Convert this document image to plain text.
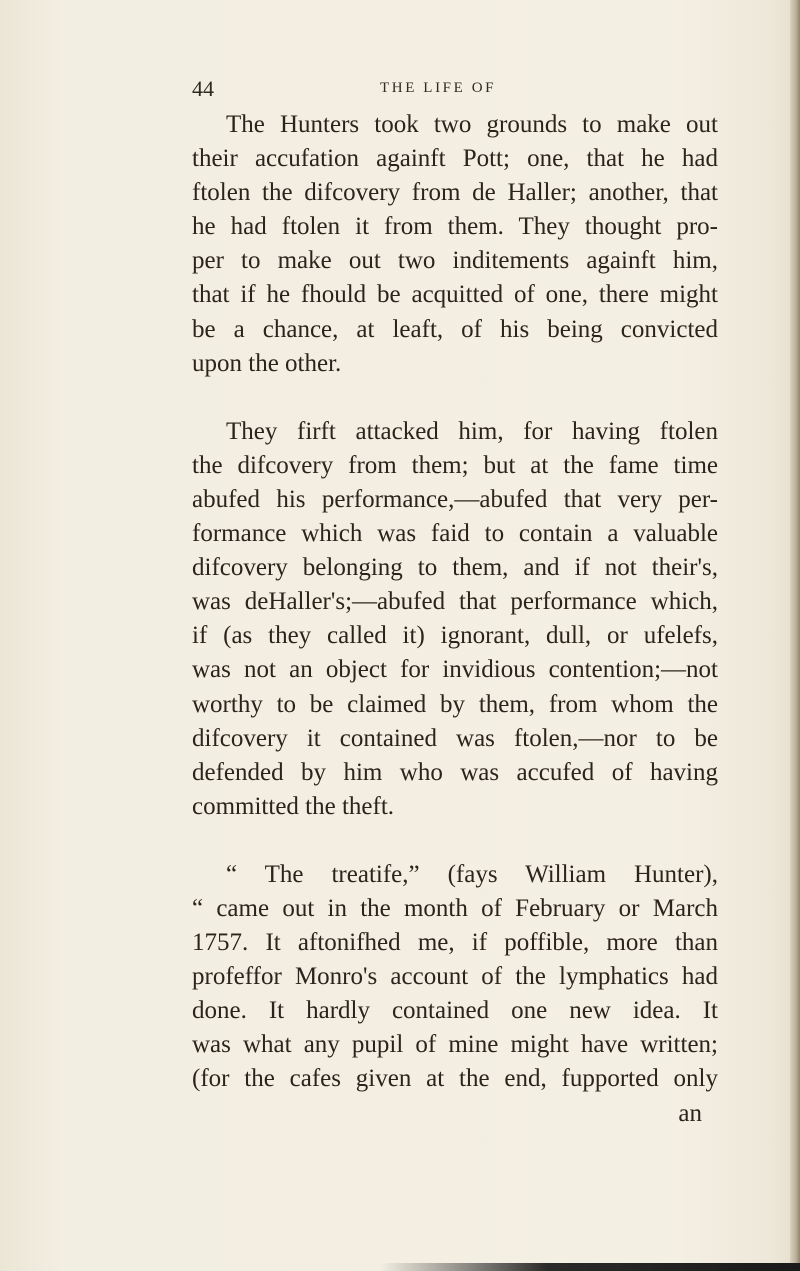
44	THE LIFE OF

The Hunters took two grounds to make out
their accufation againft Pott; one, that he had
ftolen the difcovery from de Haller; another, that
he had ftolen it from them. They thought pro-
per to make out two inditements againft him,
that if he fhould be acquitted of one, there might
be a chance, at leaft, of his being convicted
upon the other.

They firft attacked him, for having ftolen
the difcovery from them; but at the fame time
abufed his performance,—abufed that very per-
formance which was faid to contain a valuable
difcovery belonging to them, and if not their's,
was deHaller's;—abufed that performance which,
if (as they called it) ignorant, dull, or ufelefs,
was not an object for invidious contention;—not
worthy to be claimed by them, from whom the
difcovery it contained was ftolen,—nor to be
defended by him who was accufed of having
committed the theft.

“ The treatife,” (fays William Hunter),
“ came out in the month of February or March
1757. It aftonifhed me, if poffible, more than
profeffor Monro's account of the lymphatics had
done. It hardly contained one new idea. It
was what any pupil of mine might have written;
(for the cafes given at the end, fupported only
an
